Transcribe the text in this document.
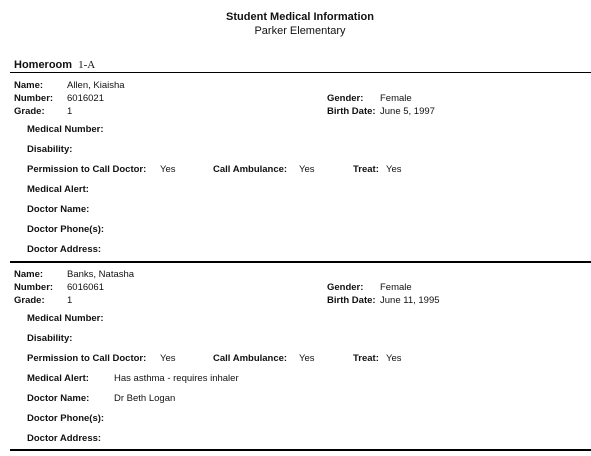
Student Medical Information
Parker Elementary
Homeroom 1-A
Name:	Allen, Kiaisha
Number: 6016021
Grade: 1
Gender: Female
Birth Date: June 5, 1997
Medical Number:
Disability:
Permission to Call Doctor: Yes	Call Ambulance: Yes	Treat: Yes
Medical Alert:
Doctor Name:
Doctor Phone(s):
Doctor Address:
Name:	Banks, Natasha
Number: 6016061
Grade: 1
Gender: Female
Birth Date: June 11, 1995
Medical Number:
Disability:
Permission to Call Doctor: Yes	Call Ambulance: Yes	Treat: Yes
Medical Alert:	Has asthma - requires inhaler
Doctor Name:	Dr Beth Logan
Doctor Phone(s):
Doctor Address:
